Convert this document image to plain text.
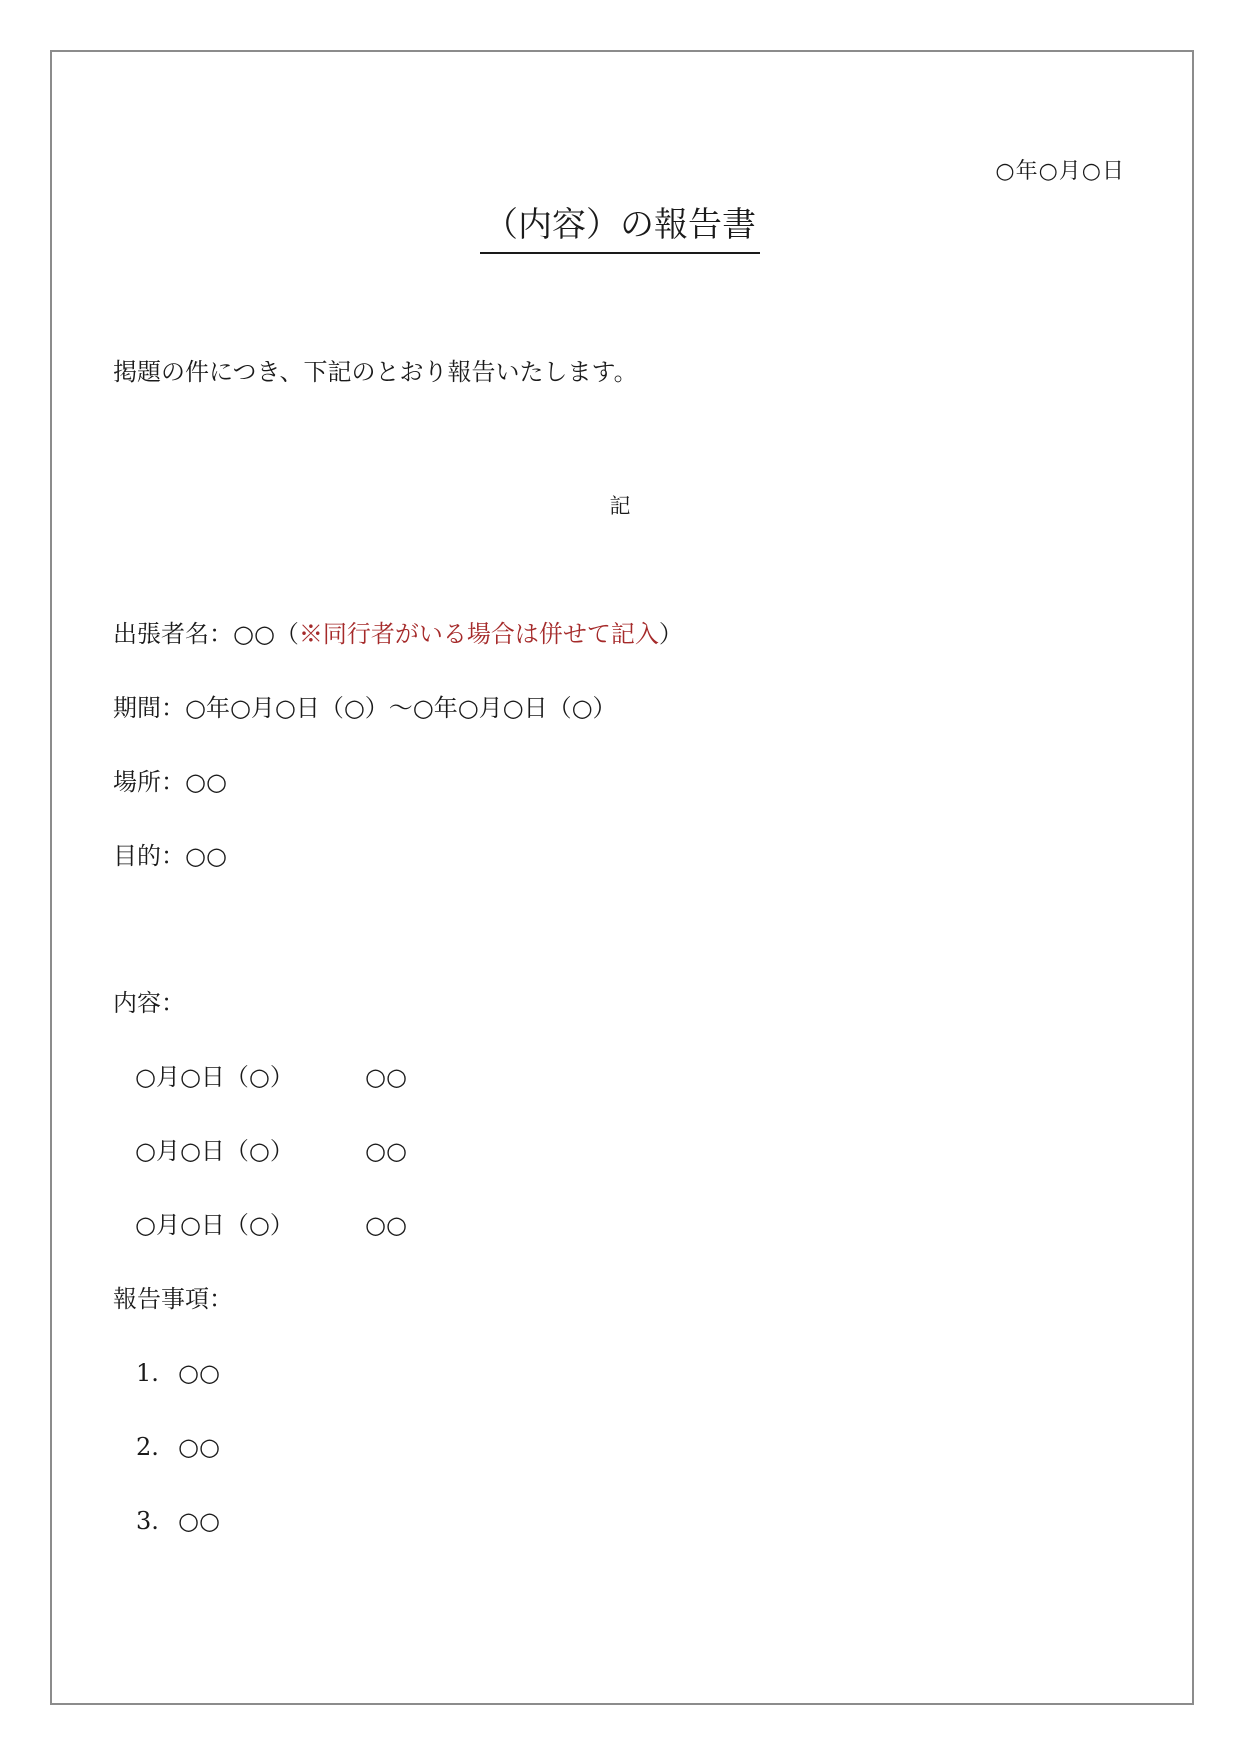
○年○月○日
（内容）の報告書
掲題の件につき、下記のとおり報告いたします。
記
出張者名：○○（※同行者がいる場合は併せて記入）
期間：○年○月○日（○）～○年○月○日（○）
場所：○○
目的：○○
内容：
○月○日（○）	○○
○月○日（○）	○○
○月○日（○）	○○
報告事項：
1. ○○
2. ○○
3. ○○
